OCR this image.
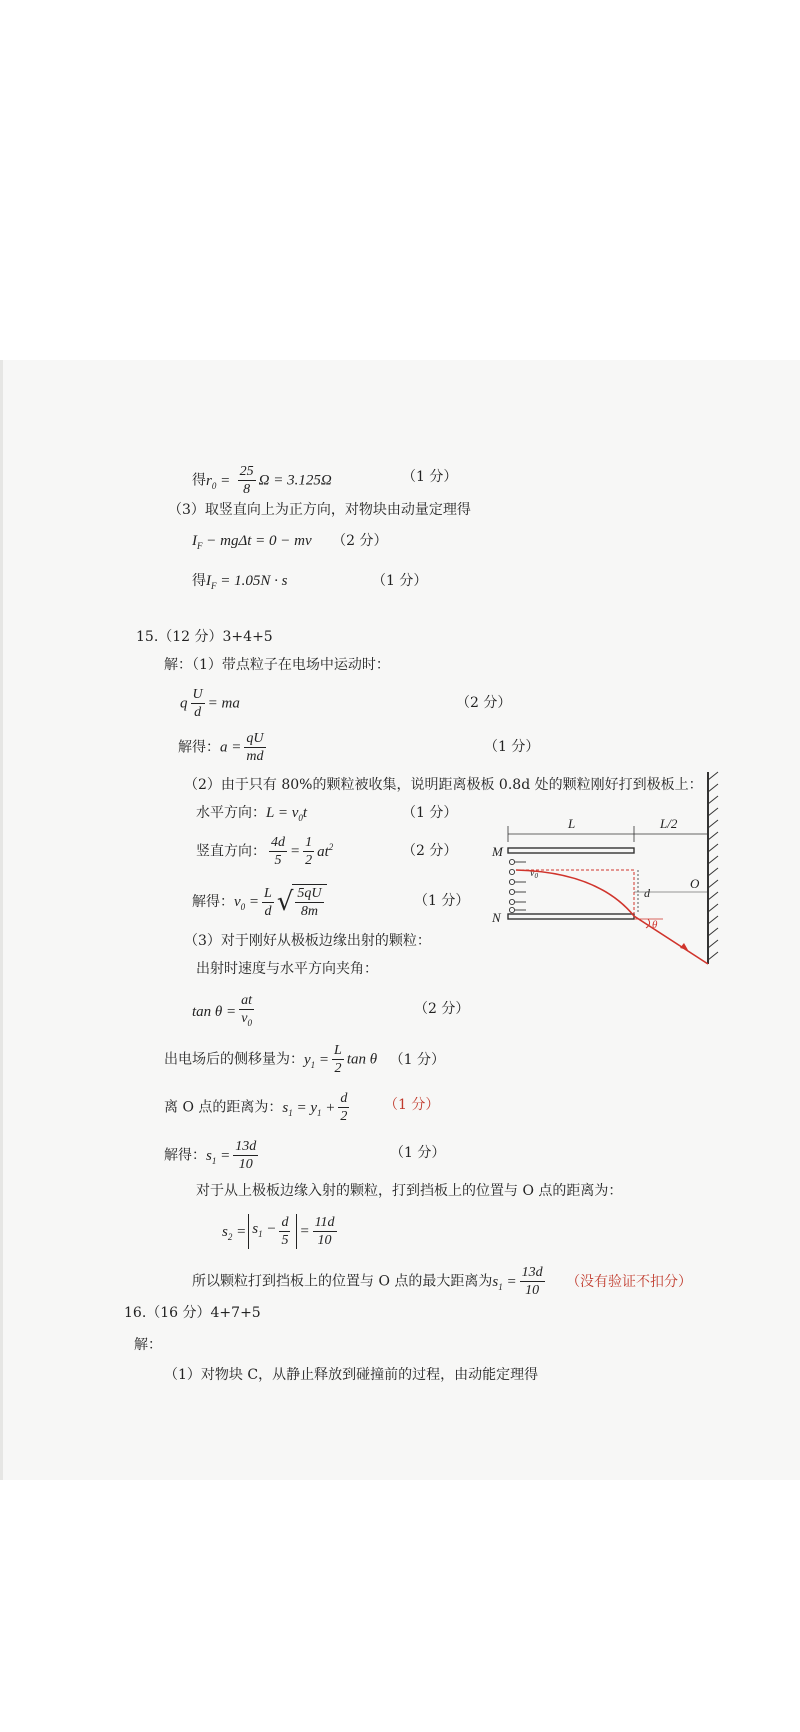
得$r_0 = \frac{25}{8}$ Ω = 3.125Ω	（1 分）
（3）取竖直向上为正方向，对物块由动量定理得
$I_F - mg\Delta t = 0$ − mv （2 分）
得$I_F = 1.05N \cdot s$	（1 分）
15.（12 分）3+4+5
解：（1）带点粒子在电场中运动时：
q $\frac{U}{d}$ = ma	（2 分）
解得：$a = \frac{qU}{md}$	（1 分）
（2）由于只有 80%的颗粒被收集，说明距离极板 0.8d 处的颗粒刚好打到极板上：
水平方向：$L = v_0t$	（1 分）
竖直方向： $\frac{4d}{5} = \frac{1}{2} at^2$	（2 分）
解得：$v_0 = \frac{L}{d}$ √ $\frac{5qU}{8m}$	（1 分）
（3）对于刚好从极板边缘出射的颗粒：
出射时速度与水平方向夹角：
$\tan \theta = \frac{at}{v_0}$	（2 分）
出电场后的侧移量为：$y_1 = \frac{L}{2}$ tan θ （1 分）
离 O 点的距离为：$s_1 = y_1 + \frac{d}{2} (1$ 分）
解得：$s_1 = \frac{13d}{10}$	（1 分）
对于从上极板边缘入射的颗粒，打到挡板上的位置与 O 点的距离为：
$s_2 = s_1 - \frac{d}{5} = \frac{11d}{10}$
所以颗粒打到挡板上的位置与 O 点的最大距离为$s_1 = \frac{13d}{10}$ （没有验证不扣分）
16.（16 分）4+7+5
解：
（1）对物块 C，从静止释放到碰撞前的过程，由动能定理得
L	L/2
M
N
$v_0$
d
O
θ
